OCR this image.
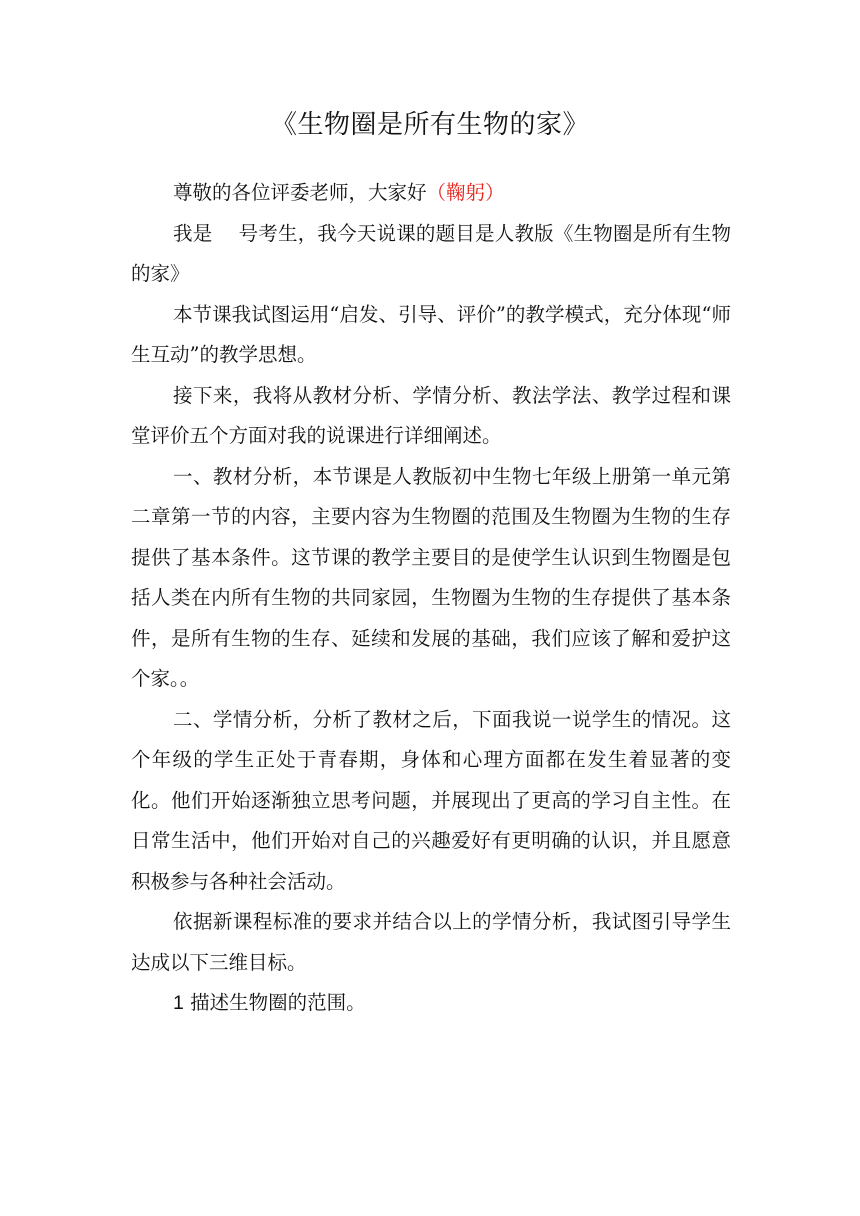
《生物圈是所有生物的家》

尊敬的各位评委老师，大家好（鞠躬）

我是 号考生，我今天说课的题目是人教版《生物圈是所有生物的家》

本节课我试图运用“启发、引导、评价”的教学模式，充分体现“师生互动”的教学思想。

接下来，我将从教材分析、学情分析、教法学法、教学过程和课堂评价五个方面对我的说课进行详细阐述。

一、教材分析，本节课是人教版初中生物七年级上册第一单元第二章第一节的内容，主要内容为生物圈的范围及生物圈为生物的生存提供了基本条件。这节课的教学主要目的是使学生认识到生物圈是包括人类在内所有生物的共同家园，生物圈为生物的生存提供了基本条件，是所有生物的生存、延续和发展的基础，我们应该了解和爱护这个家。。

二、学情分析，分析了教材之后，下面我说一说学生的情况。这个年级的学生正处于青春期，身体和心理方面都在发生着显著的变化。他们开始逐渐独立思考问题，并展现出了更高的学习自主性。在日常生活中，他们开始对自己的兴趣爱好有更明确的认识，并且愿意积极参与各种社会活动。

依据新课程标准的要求并结合以上的学情分析，我试图引导学生达成以下三维目标。

1 描述生物圈的范围。
